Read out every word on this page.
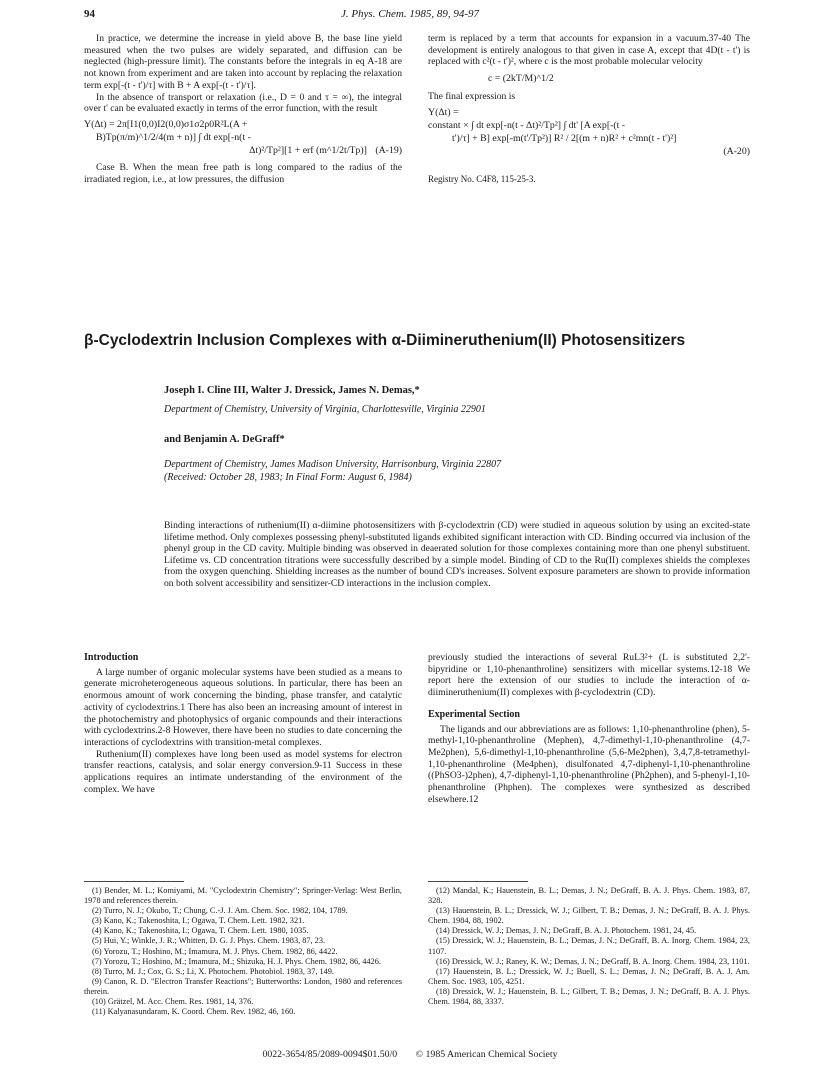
94	J. Phys. Chem. 1985, 89, 94-97

In practice, we determine the increase in yield above B, the base line yield measured when the two pulses are widely separated, and diffusion can be neglected (high-pressure limit). The constants before the integrals in eq A-18 are not known from experiment and are taken into account by replacing the relaxation term exp[-(t - t')/τ] with B + A exp[-(t - t')/τ].

In the absence of transport or relaxation (i.e., D = 0 and τ = ∞), the integral over t' can be evaluated exactly in terms of the error function, with the result

Y(Δt) = 2π[I1(0,0)I2(0,0)σ1σ2ρ0R²L(A +
B)Tp(π/m)^1/2/4(m + n)] ∫ dt exp[-n(t -
Δt)²/Tp²][1 + erf (m^1/2t/Tp)] (A-19)

Case B. When the mean free path is long compared to the radius of the irradiated region, i.e., at low pressures, the diffusion

term is replaced by a term that accounts for expansion in a vacuum.37-40 The development is entirely analogous to that given in case A, except that 4D(t - t') is replaced with c²(t - t')², where c is the most probable molecular velocity

c = (2kT/M)^1/2

The final expression is

Y(Δt) =
constant × ∫ dt exp[-n(t - Δt)²/Tp²] ∫ dt' [A exp[-(t -
t')/τ] + B] exp[-m(t'/Tp²)] R² / 2[(m + n)R² + c²mn(t - t')²]
(A-20)

Registry No. C4F8, 115-25-3.

β-Cyclodextrin Inclusion Complexes with α-Diimineruthenium(II) Photosensitizers
Joseph I. Cline III, Walter J. Dressick, James N. Demas,*
Department of Chemistry, University of Virginia, Charlottesville, Virginia 22901
and Benjamin A. DeGraff*
Department of Chemistry, James Madison University, Harrisonburg, Virginia 22807
(Received: October 28, 1983; In Final Form: August 6, 1984)
Binding interactions of ruthenium(II) α-diimine photosensitizers with β-cyclodextrin (CD) were studied in aqueous solution by using an excited-state lifetime method. Only complexes possessing phenyl-substituted ligands exhibited significant interaction with CD. Binding occurred via inclusion of the phenyl group in the CD cavity. Multiple binding was observed in deaerated solution for those complexes containing more than one phenyl substituent. Lifetime vs. CD concentration titrations were successfully described by a simple model. Binding of CD to the Ru(II) complexes shields the complexes from the oxygen quenching. Shielding increases as the number of bound CD's increases. Solvent exposure parameters are shown to provide information on both solvent accessibility and sensitizer-CD interactions in the inclusion complex.
Introduction

A large number of organic molecular systems have been studied as a means to generate microheterogeneous aqueous solutions. In particular, there has been an enormous amount of work concerning the binding, phase transfer, and catalytic activity of cyclodextrins.1 There has also been an increasing amount of interest in the photochemistry and photophysics of organic compounds and their interactions with cyclodextrins.2-8 However, there have been no studies to date concerning the interactions of cyclodextrins with transition-metal complexes.

Ruthenium(II) complexes have long been used as model systems for electron transfer reactions, catalysis, and solar energy conversion.9-11 Success in these applications requires an intimate understanding of the environment of the complex. We have

previously studied the interactions of several RuL3²+ (L is substituted 2,2'-bipyridine or 1,10-phenanthroline) sensitizers with micellar systems.12-18 We report here the extension of our studies to include the interaction of α-diimineruthenium(II) complexes with β-cyclodextrin (CD).

Experimental Section

The ligands and our abbreviations are as follows: 1,10-phenanthroline (phen), 5-methyl-1,10-phenanthroline (Mephen), 4,7-dimethyl-1,10-phenanthroline (4,7-Me2phen), 5,6-dimethyl-1,10-phenanthroline (5,6-Me2phen), 3,4,7,8-tetramethyl-1,10-phenanthroline (Me4phen), disulfonated 4,7-diphenyl-1,10-phenanthroline ((PhSO3-)2phen), 4,7-diphenyl-1,10-phenanthroline (Ph2phen), and 5-phenyl-1,10-phenanthroline (Phphen). The complexes were synthesized as described elsewhere.12

(1) Bender, M. L.; Komiyami, M. "Cyclodextrin Chemistry"; Springer-Verlag: West Berlin, 1978 and references therein.

(2) Turro, N. J.; Okubo, T.; Chung, C.-J. J. Am. Chem. Soc. 1982, 104, 1789.

(3) Kano, K.; Takenoshita, I.; Ogawa, T. Chem. Lett. 1982, 321.

(4) Kano, K.; Takenoshita, I.; Ogawa, T. Chem. Lett. 1980, 1035.

(5) Hui, Y.; Winkle, J. R.; Whitten, D. G. J. Phys. Chem. 1983, 87, 23.

(6) Yorozu, T.; Hoshino, M.; Imamura, M. J. Phys. Chem. 1982, 86, 4422.

(7) Yorozu, T.; Hoshino, M.; Imamura, M.; Shizuka, H. J. Phys. Chem. 1982, 86, 4426.

(8) Turro, M. J.; Cox, G. S.; Li, X. Photochem. Photobiol. 1983, 37, 149.

(9) Canon, R. D. "Electron Transfer Reactions"; Butterworths: London, 1980 and references therein.

(10) Grätzel, M. Acc. Chem. Res. 1981, 14, 376.

(11) Kalyanasundaram, K. Coord. Chem. Rev. 1982, 46, 160.

(12) Mandal, K.; Hauenstein, B. L.; Demas, J. N.; DeGraff, B. A. J. Phys. Chem. 1983, 87, 328.

(13) Hauenstein, B. L.; Dressick, W. J.; Gilbert, T. B.; Demas, J. N.; DeGraff, B. A. J. Phys. Chem. 1984, 88, 1902.

(14) Dressick, W. J.; Demas, J. N.; DeGraff, B. A. J. Photochem. 1981, 24, 45.

(15) Dressick, W. J.; Hauenstein, B. L.; Demas, J. N.; DeGraff, B. A. Inorg. Chem. 1984, 23, 1107.

(16) Dressick, W. J.; Raney, K. W.; Demas, J. N.; DeGraff, B. A. Inorg. Chem. 1984, 23, 1101.

(17) Hauenstein, B. L.; Dressick, W. J.; Buell, S. L.; Demas, J. N.; DeGraff, B. A. J. Am. Chem. Soc. 1983, 105, 4251.

(18) Dressick, W. J.; Hauenstein, B. L.; Gilbert, T. B.; Demas, J. N.; DeGraff, B. A. J. Phys. Chem. 1984, 88, 3337.

0022-3654/85/2089-0094$01.50/0 © 1985 American Chemical Society
